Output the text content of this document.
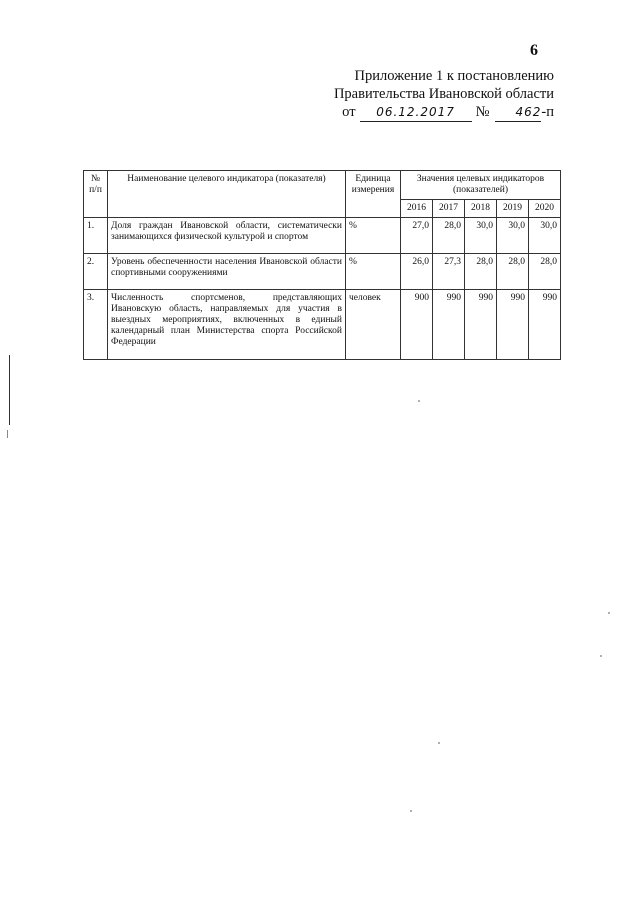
6
Приложение 1 к постановлению
Правительства Ивановской области
от	06.12.2017	№	462 -п
№ п/п	Наименование целевого индикатора (показателя)	Единица измерения	Значения целевых индикаторов (показателей)				
			2016	2017	2018	2019	2020
1.	Доля граждан Ивановской области, систематически занимающихся физической культурой и спортом	%	27,0	28,0	30,0	30,0	30,0
2.	Уровень обеспеченности населения Ивановской области спортивными сооружениями	%	26,0	27,3	28,0	28,0	28,0
3.	Численность спортсменов, представляющих Ивановскую область, направляемых для участия в выездных мероприятиях, включенных в единый календарный план Министерства спорта Российской Федерации	человек	900	990	990	990	990
